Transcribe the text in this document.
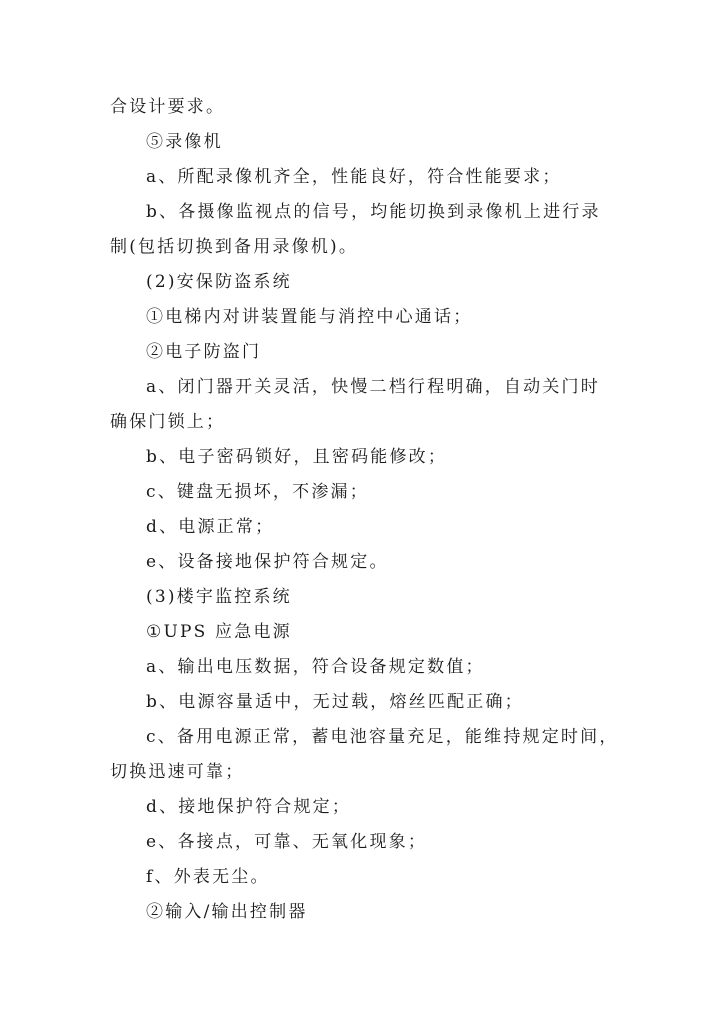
合设计要求。
⑤录像机
a、所配录像机齐全，性能良好，符合性能要求；
b、各摄像监视点的信号，均能切换到录像机上进行录
制(包括切换到备用录像机)。
(2)安保防盗系统
①电梯内对讲装置能与消控中心通话；
②电子防盗门
a、闭门器开关灵活，快慢二档行程明确，自动关门时
确保门锁上；
b、电子密码锁好，且密码能修改；
c、键盘无损坏，不渗漏；
d、电源正常；
e、设备接地保护符合规定。
(3)楼宇监控系统
①UPS 应急电源
a、输出电压数据，符合设备规定数值；
b、电源容量适中，无过载，熔丝匹配正确；
c、备用电源正常，蓄电池容量充足，能维持规定时间，
切换迅速可靠；
d、接地保护符合规定；
e、各接点，可靠、无氧化现象；
f、外表无尘。
②输入/输出控制器
